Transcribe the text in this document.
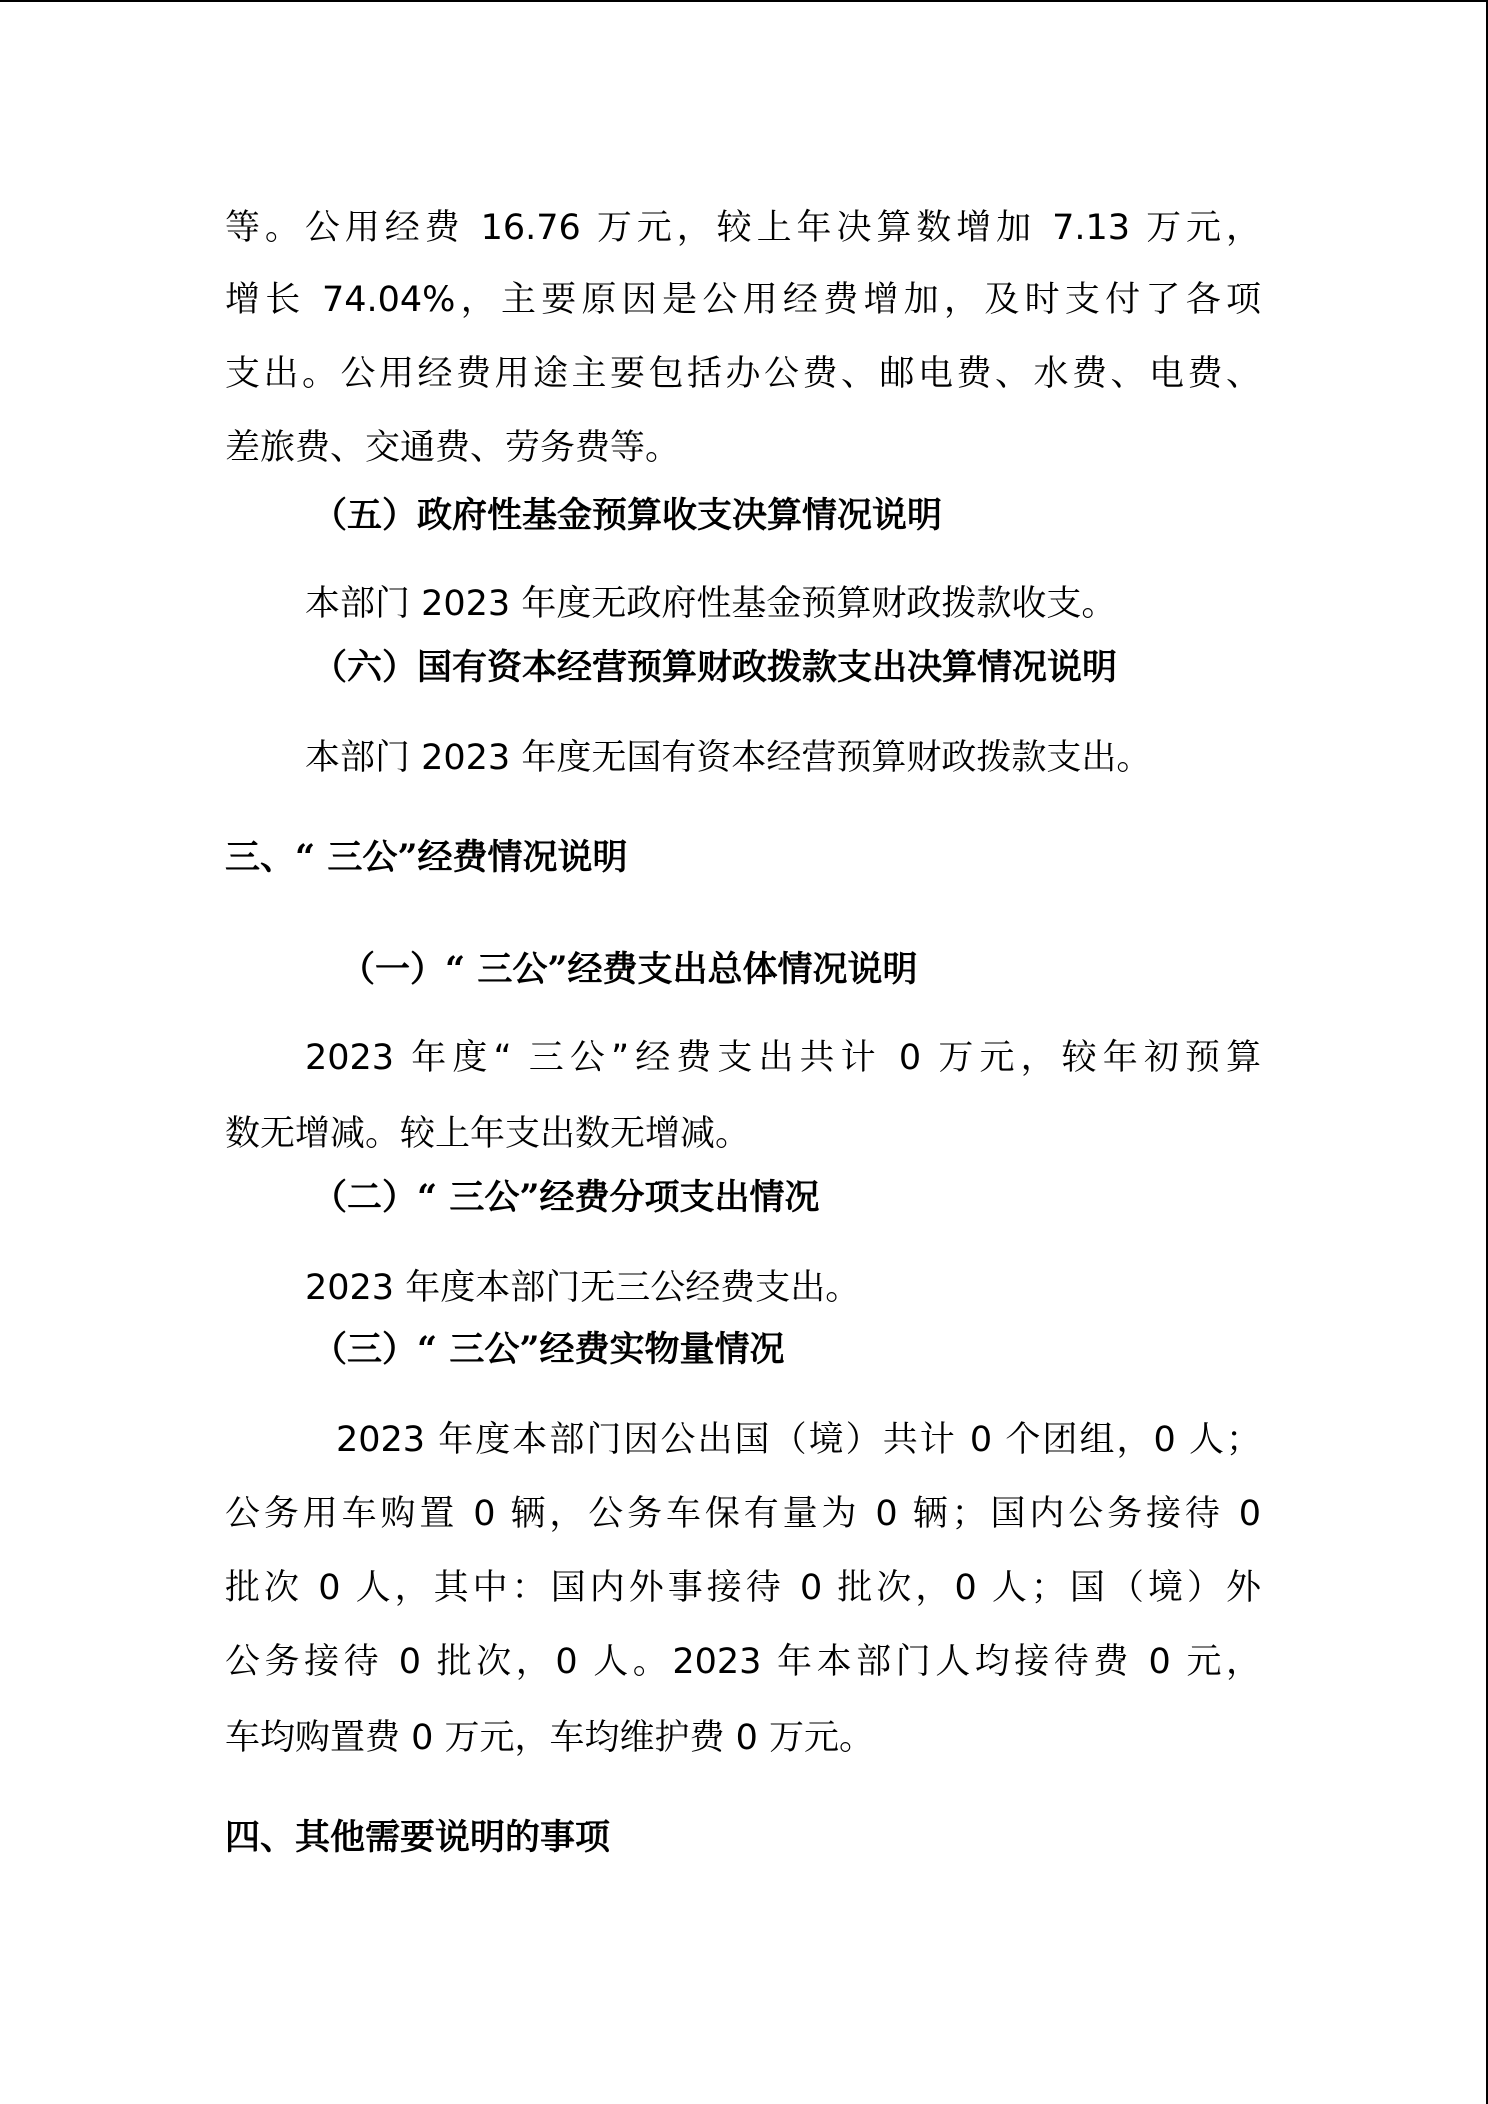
等。公用经费 16.76 万元，较上年决算数增加 7.13 万元，
增长 74.04%，主要原因是公用经费增加，及时支付了各项
支出。公用经费用途主要包括办公费、邮电费、水费、电费、
差旅费、交通费、劳务费等。
（五）政府性基金预算收支决算情况说明
本部门 2023 年度无政府性基金预算财政拨款收支。
（六）国有资本经营预算财政拨款支出决算情况说明
本部门 2023 年度无国有资本经营预算财政拨款支出。
三、“ 三公”经费情况说明
（一）“ 三公”经费支出总体情况说明
2023 年度“ 三公”经费支出共计 0 万元，较年初预算
数无增减。较上年支出数无增减。
（二）“ 三公”经费分项支出情况
2023 年度本部门无三公经费支出。
（三）“ 三公”经费实物量情况
2023 年度本部门因公出国（境）共计 0 个团组，0 人；
公务用车购置 0 辆，公务车保有量为 0 辆；国内公务接待 0
批次 0 人，其中：国内外事接待 0 批次，0 人；国（境）外
公务接待 0 批次，0 人。2023 年本部门人均接待费 0 元，
车均购置费 0 万元，车均维护费 0 万元。
四、其他需要说明的事项
